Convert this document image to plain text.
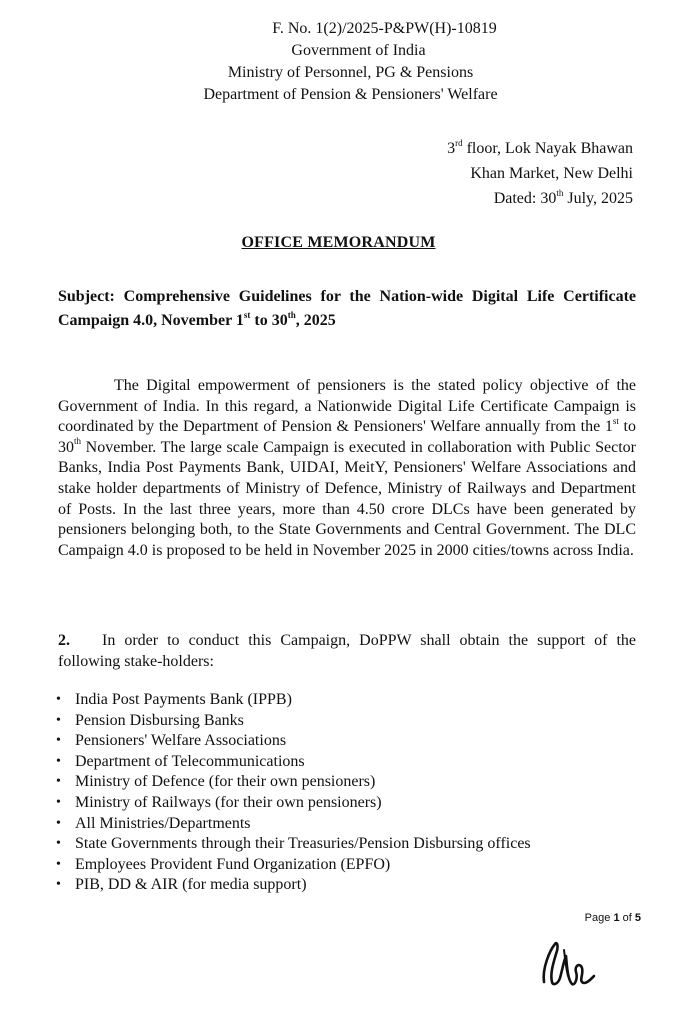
F. No. 1(2)/2025-P&PW(H)-10819
Government of India
Ministry of Personnel, PG & Pensions
Department of Pension & Pensioners' Welfare
3rd floor, Lok Nayak Bhawan
Khan Market, New Delhi
Dated: 30th July, 2025
OFFICE MEMORANDUM
Subject: Comprehensive Guidelines for the Nation-wide Digital Life Certificate Campaign 4.0, November 1st to 30th, 2025
The Digital empowerment of pensioners is the stated policy objective of the Government of India. In this regard, a Nationwide Digital Life Certificate Campaign is coordinated by the Department of Pension & Pensioners' Welfare annually from the 1st to 30th November. The large scale Campaign is executed in collaboration with Public Sector Banks, India Post Payments Bank, UIDAI, MeitY, Pensioners' Welfare Associations and stake holder departments of Ministry of Defence, Ministry of Railways and Department of Posts. In the last three years, more than 4.50 crore DLCs have been generated by pensioners belonging both, to the State Governments and Central Government. The DLC Campaign 4.0 is proposed to be held in November 2025 in 2000 cities/towns across India.
2. In order to conduct this Campaign, DoPPW shall obtain the support of the following stake-holders:
• India Post Payments Bank (IPPB)
• Pension Disbursing Banks
• Pensioners' Welfare Associations
• Department of Telecommunications
• Ministry of Defence (for their own pensioners)
• Ministry of Railways (for their own pensioners)
• All Ministries/Departments
• State Governments through their Treasuries/Pension Disbursing offices
• Employees Provident Fund Organization (EPFO)
• PIB, DD & AIR (for media support)
Page 1 of 5
